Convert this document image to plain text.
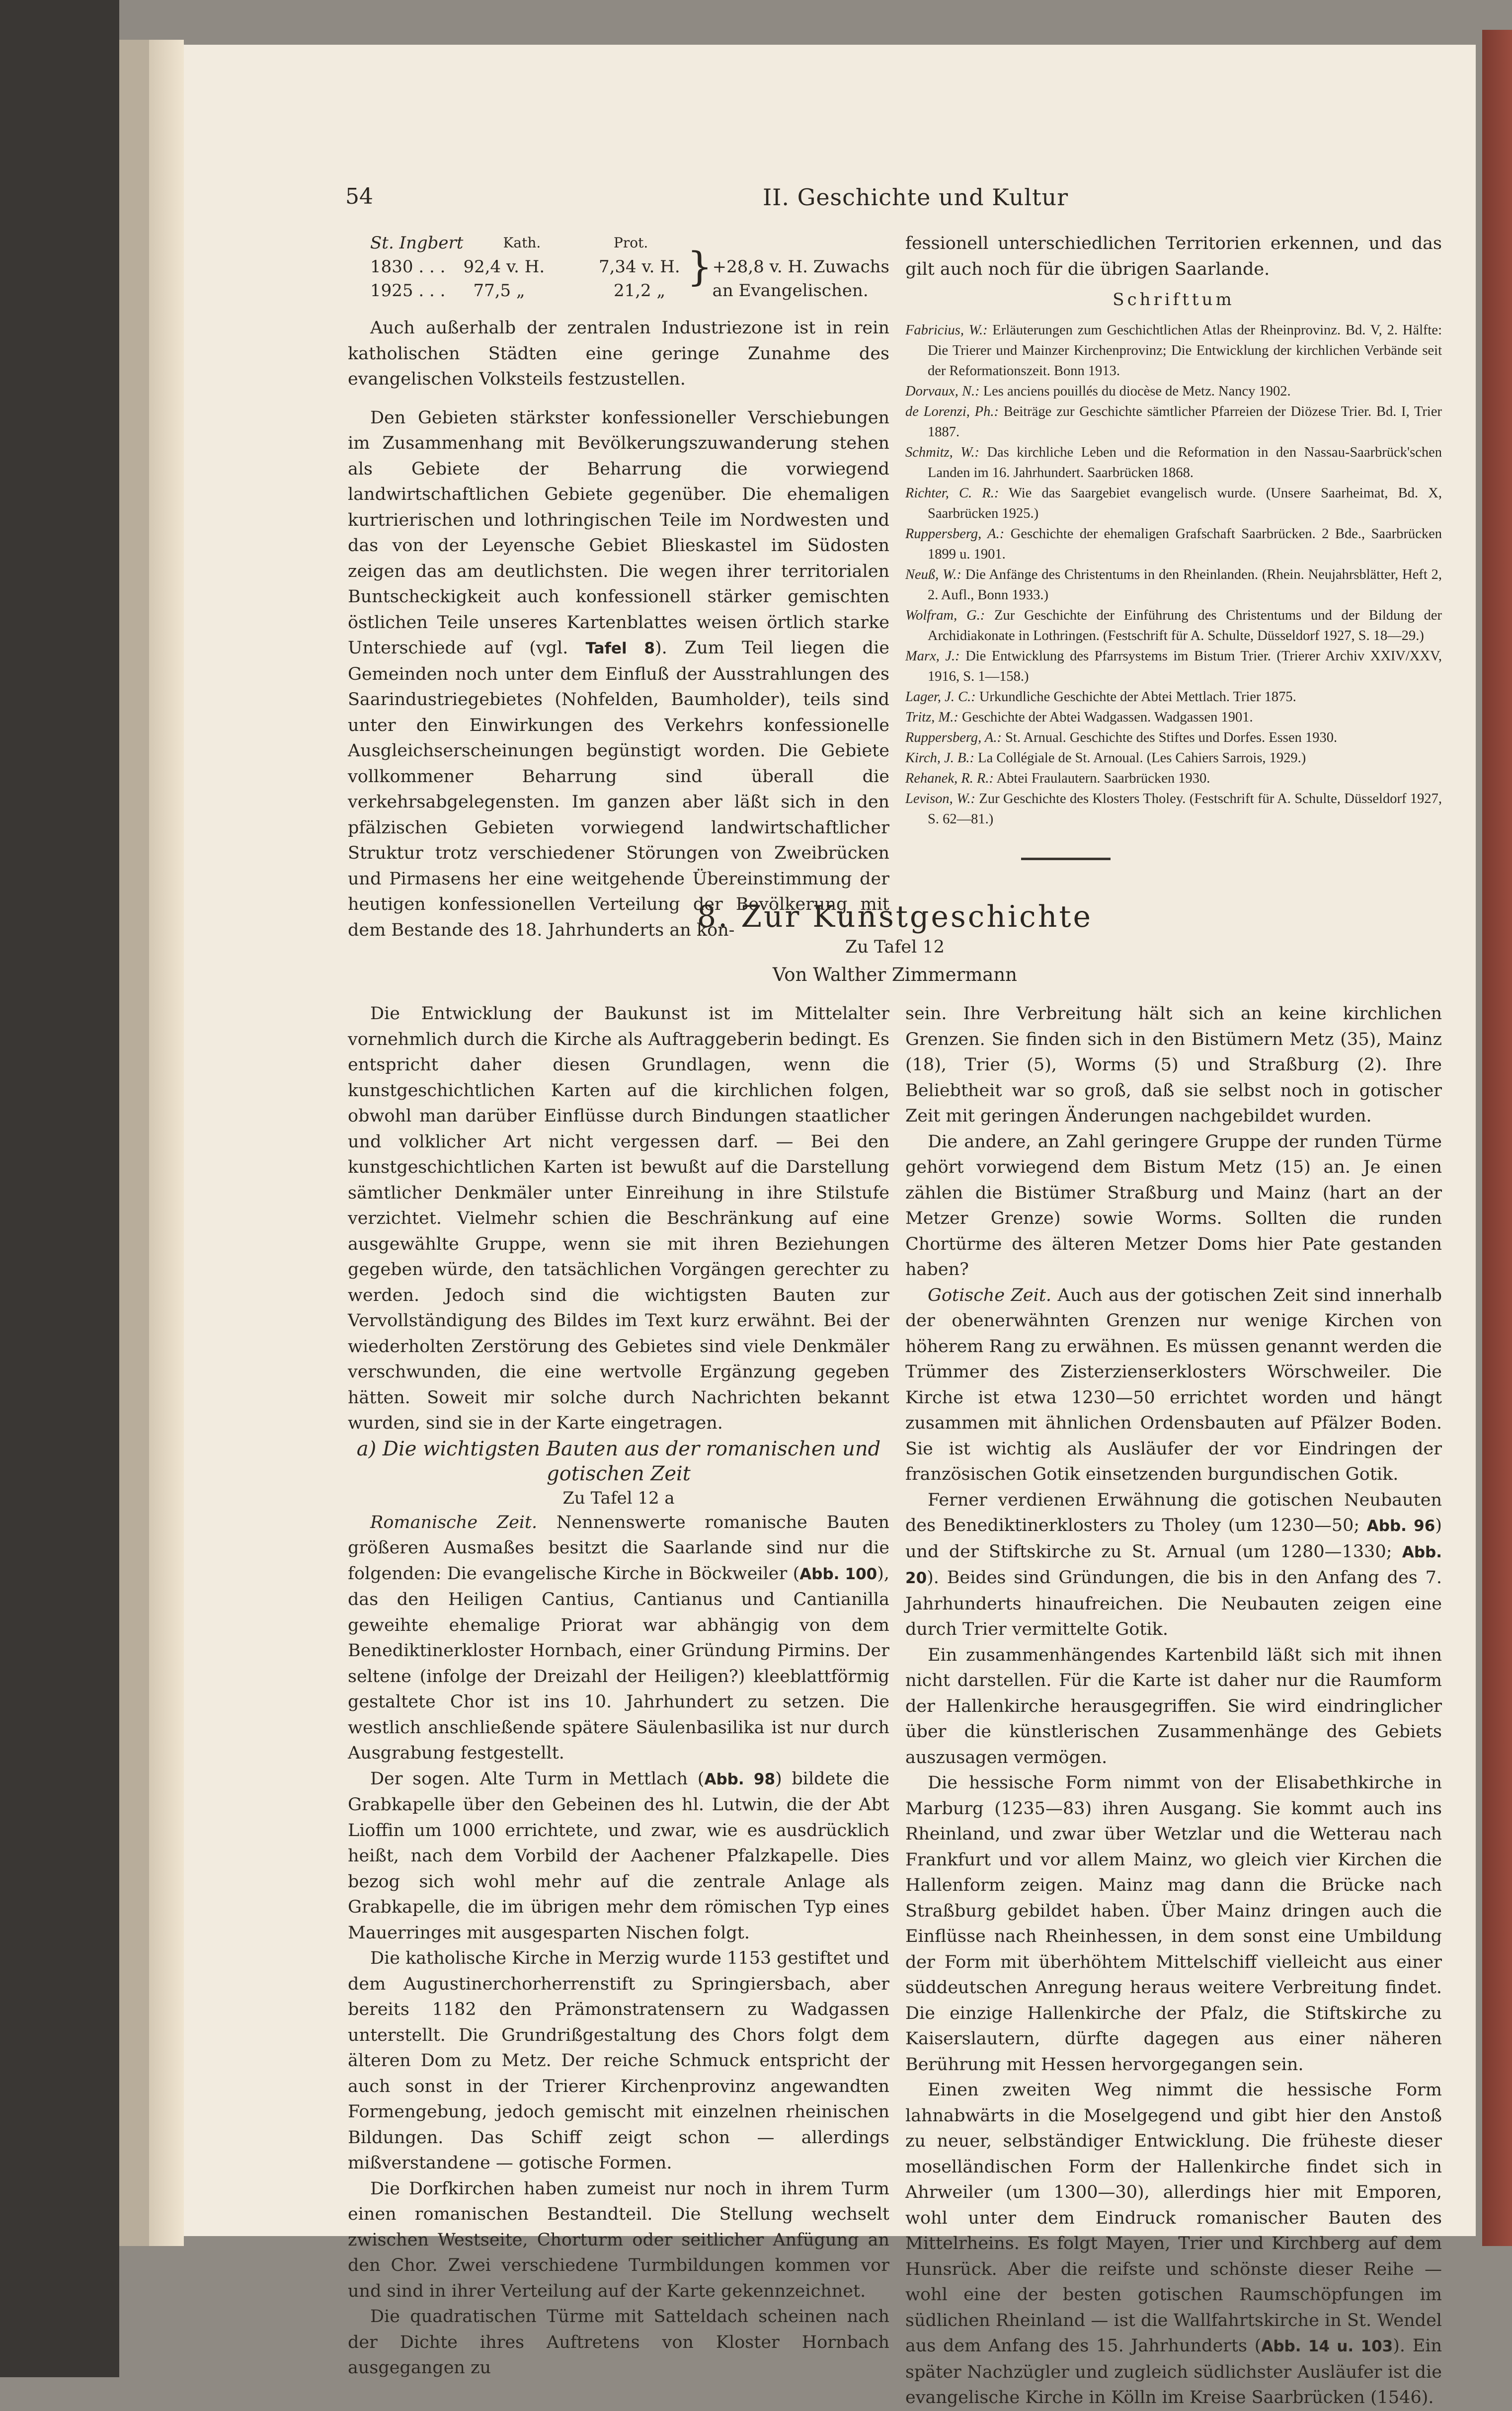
54	II. Geschichte und Kultur
St. Ingbert	Kath.	Prot.	}	
1830 . . .	92,4 v. H.	7,34 v. H.		+28,8 v. H. Zuwachs
1925 . . .	77,5 „	21,2 „		an Evangelischen.

Auch außerhalb der zentralen Industriezone ist in rein katholischen Städten eine geringe Zunahme des evangelischen Volksteils festzustellen.

Den Gebieten stärkster konfessioneller Verschiebungen im Zusammenhang mit Bevölkerungszuwanderung stehen als Gebiete der Beharrung die vorwiegend landwirtschaftlichen Gebiete gegenüber. Die ehemaligen kurtrierischen und lothringischen Teile im Nordwesten und das von der Leyensche Gebiet Blieskastel im Südosten zeigen das am deutlichsten. Die wegen ihrer territorialen Buntscheckigkeit auch konfessionell stärker gemischten östlichen Teile unseres Kartenblattes weisen örtlich starke Unterschiede auf (vgl. Tafel 8). Zum Teil liegen die Gemeinden noch unter dem Einfluß der Ausstrahlungen des Saarindustriegebietes (Nohfelden, Baumholder), teils sind unter den Einwirkungen des Verkehrs konfessionelle Ausgleichserscheinungen begünstigt worden. Die Gebiete vollkommener Beharrung sind überall die verkehrsabgelegensten. Im ganzen aber läßt sich in den pfälzischen Gebieten vorwiegend landwirtschaftlicher Struktur trotz verschiedener Störungen von Zweibrücken und Pirmasens her eine weitgehende Übereinstimmung der heutigen konfessionellen Verteilung der Bevölkerung mit dem Bestande des 18. Jahrhunderts an kon-

fessionell unterschiedlichen Territorien erkennen, und das gilt auch noch für die übrigen Saarlande.

Schrifttum

Fabricius, W.: Erläuterungen zum Geschichtlichen Atlas der Rheinprovinz. Bd. V, 2. Hälfte: Die Trierer und Mainzer Kirchenprovinz; Die Entwicklung der kirchlichen Verbände seit der Reformationszeit. Bonn 1913.

Dorvaux, N.: Les anciens pouillés du diocèse de Metz. Nancy 1902.

de Lorenzi, Ph.: Beiträge zur Geschichte sämtlicher Pfarreien der Diözese Trier. Bd. I, Trier 1887.

Schmitz, W.: Das kirchliche Leben und die Reformation in den Nassau-Saarbrück'schen Landen im 16. Jahrhundert. Saarbrücken 1868.

Richter, C. R.: Wie das Saargebiet evangelisch wurde. (Unsere Saarheimat, Bd. X, Saarbrücken 1925.)

Ruppersberg, A.: Geschichte der ehemaligen Grafschaft Saarbrücken. 2 Bde., Saarbrücken 1899 u. 1901.

Neuß, W.: Die Anfänge des Christentums in den Rheinlanden. (Rhein. Neujahrsblätter, Heft 2, 2. Aufl., Bonn 1933.)

Wolfram, G.: Zur Geschichte der Einführung des Christentums und der Bildung der Archidiakonate in Lothringen. (Festschrift für A. Schulte, Düsseldorf 1927, S. 18—29.)

Marx, J.: Die Entwicklung des Pfarrsystems im Bistum Trier. (Trierer Archiv XXIV/XXV, 1916, S. 1—158.)

Lager, J. C.: Urkundliche Geschichte der Abtei Mettlach. Trier 1875.

Tritz, M.: Geschichte der Abtei Wadgassen. Wadgassen 1901.

Ruppersberg, A.: St. Arnual. Geschichte des Stiftes und Dorfes. Essen 1930.

Kirch, J. B.: La Collégiale de St. Arnoual. (Les Cahiers Sarrois, 1929.)

Rehanek, R. R.: Abtei Fraulautern. Saarbrücken 1930.

Levison, W.: Zur Geschichte des Klosters Tholey. (Festschrift für A. Schulte, Düsseldorf 1927, S. 62—81.)

8. Zur Kunstgeschichte
Zu Tafel 12
Von Walther Zimmermann

Die Entwicklung der Baukunst ist im Mittelalter vornehmlich durch die Kirche als Auftraggeberin bedingt. Es entspricht daher diesen Grundlagen, wenn die kunstgeschichtlichen Karten auf die kirchlichen folgen, obwohl man darüber Einflüsse durch Bindungen staatlicher und volklicher Art nicht vergessen darf. — Bei den kunstgeschichtlichen Karten ist bewußt auf die Darstellung sämtlicher Denkmäler unter Einreihung in ihre Stilstufe verzichtet. Vielmehr schien die Beschränkung auf eine ausgewählte Gruppe, wenn sie mit ihren Beziehungen gegeben würde, den tatsächlichen Vorgängen gerechter zu werden. Jedoch sind die wichtigsten Bauten zur Vervollständigung des Bildes im Text kurz erwähnt. Bei der wiederholten Zerstörung des Gebietes sind viele Denkmäler verschwunden, die eine wertvolle Ergänzung gegeben hätten. Soweit mir solche durch Nachrichten bekannt wurden, sind sie in der Karte eingetragen.

a) Die wichtigsten Bauten aus der romanischen und gotischen Zeit

Zu Tafel 12 a

Romanische Zeit. Nennenswerte romanische Bauten größeren Ausmaßes besitzt die Saarlande sind nur die folgenden: Die evangelische Kirche in Böckweiler (Abb. 100), das den Heiligen Cantius, Cantianus und Cantianilla geweihte ehemalige Priorat war abhängig von dem Benediktinerkloster Hornbach, einer Gründung Pirmins. Der seltene (infolge der Dreizahl der Heiligen?) kleeblattförmig gestaltete Chor ist ins 10. Jahrhundert zu setzen. Die westlich anschließende spätere Säulenbasilika ist nur durch Ausgrabung festgestellt.

Der sogen. Alte Turm in Mettlach (Abb. 98) bildete die Grabkapelle über den Gebeinen des hl. Lutwin, die der Abt Lioffin um 1000 errichtete, und zwar, wie es ausdrücklich heißt, nach dem Vorbild der Aachener Pfalzkapelle. Dies bezog sich wohl mehr auf die zentrale Anlage als Grabkapelle, die im übrigen mehr dem römischen Typ eines Mauerringes mit ausgesparten Nischen folgt.

Die katholische Kirche in Merzig wurde 1153 gestiftet und dem Augustinerchorherrenstift zu Springiersbach, aber bereits 1182 den Prämonstratensern zu Wadgassen unterstellt. Die Grundrißgestaltung des Chors folgt dem älteren Dom zu Metz. Der reiche Schmuck entspricht der auch sonst in der Trierer Kirchenprovinz angewandten Formengebung, jedoch gemischt mit einzelnen rheinischen Bildungen. Das Schiff zeigt schon — allerdings mißverstandene — gotische Formen.

Die Dorfkirchen haben zumeist nur noch in ihrem Turm einen romanischen Bestandteil. Die Stellung wechselt zwischen Westseite, Chorturm oder seitlicher Anfügung an den Chor. Zwei verschiedene Turmbildungen kommen vor und sind in ihrer Verteilung auf der Karte gekennzeichnet.

Die quadratischen Türme mit Satteldach scheinen nach der Dichte ihres Auftretens von Kloster Hornbach ausgegangen zu

sein. Ihre Verbreitung hält sich an keine kirchlichen Grenzen. Sie finden sich in den Bistümern Metz (35), Mainz (18), Trier (5), Worms (5) und Straßburg (2). Ihre Beliebtheit war so groß, daß sie selbst noch in gotischer Zeit mit geringen Änderungen nachgebildet wurden.

Die andere, an Zahl geringere Gruppe der runden Türme gehört vorwiegend dem Bistum Metz (15) an. Je einen zählen die Bistümer Straßburg und Mainz (hart an der Metzer Grenze) sowie Worms. Sollten die runden Chortürme des älteren Metzer Doms hier Pate gestanden haben?

Gotische Zeit. Auch aus der gotischen Zeit sind innerhalb der obenerwähnten Grenzen nur wenige Kirchen von höherem Rang zu erwähnen. Es müssen genannt werden die Trümmer des Zisterzienserklosters Wörschweiler. Die Kirche ist etwa 1230—50 errichtet worden und hängt zusammen mit ähnlichen Ordensbauten auf Pfälzer Boden. Sie ist wichtig als Ausläufer der vor Eindringen der französischen Gotik einsetzenden burgundischen Gotik.

Ferner verdienen Erwähnung die gotischen Neubauten des Benediktinerklosters zu Tholey (um 1230—50; Abb. 96) und der Stiftskirche zu St. Arnual (um 1280—1330; Abb. 20). Beides sind Gründungen, die bis in den Anfang des 7. Jahrhunderts hinaufreichen. Die Neubauten zeigen eine durch Trier vermittelte Gotik.

Ein zusammenhängendes Kartenbild läßt sich mit ihnen nicht darstellen. Für die Karte ist daher nur die Raumform der Hallenkirche herausgegriffen. Sie wird eindringlicher über die künstlerischen Zusammenhänge des Gebiets auszusagen vermögen.

Die hessische Form nimmt von der Elisabethkirche in Marburg (1235—83) ihren Ausgang. Sie kommt auch ins Rheinland, und zwar über Wetzlar und die Wetterau nach Frankfurt und vor allem Mainz, wo gleich vier Kirchen die Hallenform zeigen. Mainz mag dann die Brücke nach Straßburg gebildet haben. Über Mainz dringen auch die Einflüsse nach Rheinhessen, in dem sonst eine Umbildung der Form mit überhöhtem Mittelschiff vielleicht aus einer süddeutschen Anregung heraus weitere Verbreitung findet. Die einzige Hallenkirche der Pfalz, die Stiftskirche zu Kaiserslautern, dürfte dagegen aus einer näheren Berührung mit Hessen hervorgegangen sein.

Einen zweiten Weg nimmt die hessische Form lahnabwärts in die Moselgegend und gibt hier den Anstoß zu neuer, selbständiger Entwicklung. Die früheste dieser moselländischen Form der Hallenkirche findet sich in Ahrweiler (um 1300—30), allerdings hier mit Emporen, wohl unter dem Eindruck romanischer Bauten des Mittelrheins. Es folgt Mayen, Trier und Kirchberg auf dem Hunsrück. Aber die reifste und schönste dieser Reihe — wohl eine der besten gotischen Raumschöpfungen im südlichen Rheinland — ist die Wallfahrtskirche in St. Wendel aus dem Anfang des 15. Jahrhunderts (Abb. 14 u. 103). Ein später Nachzügler und zugleich südlichster Ausläufer ist die evangelische Kirche in Kölln im Kreise Saarbrücken (1546).
